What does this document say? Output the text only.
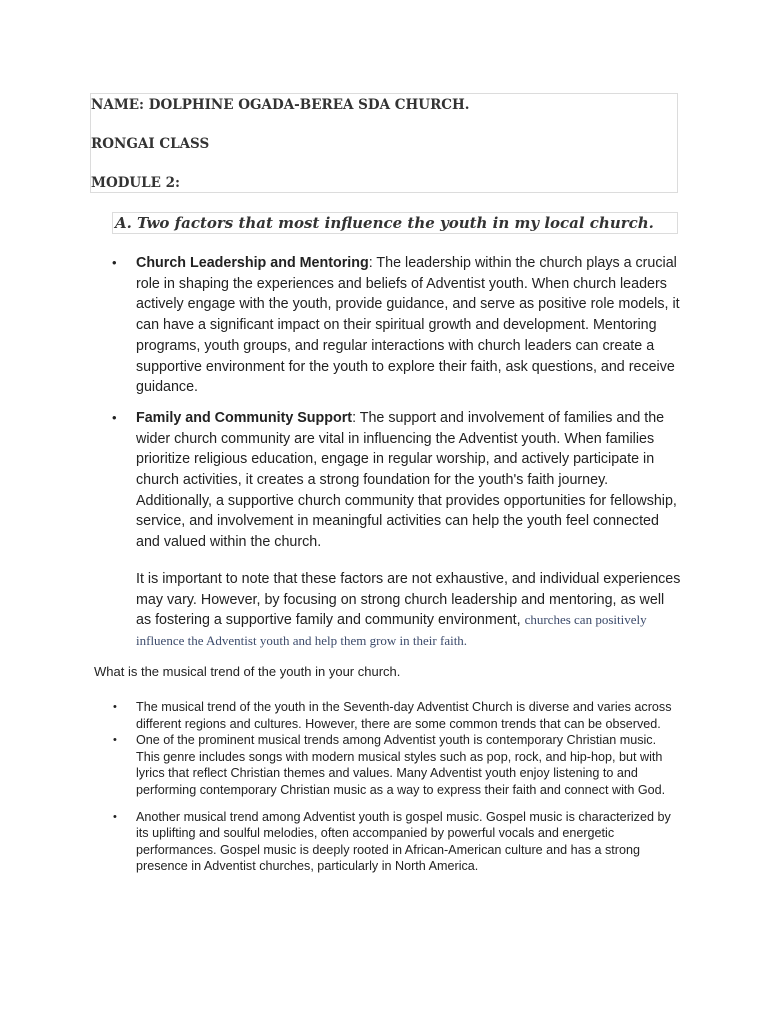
NAME: DOLPHINE OGADA-BEREA SDA CHURCH.
RONGAI CLASS
MODULE 2:
A. Two factors that most influence the youth in my local church.
• Church Leadership and Mentoring: The leadership within the church plays a crucial role in shaping the experiences and beliefs of Adventist youth. When church leaders actively engage with the youth, provide guidance, and serve as positive role models, it can have a significant impact on their spiritual growth and development. Mentoring programs, youth groups, and regular interactions with church leaders can create a supportive environment for the youth to explore their faith, ask questions, and receive guidance.
• Family and Community Support: The support and involvement of families and the wider church community are vital in influencing the Adventist youth. When families prioritize religious education, engage in regular worship, and actively participate in church activities, it creates a strong foundation for the youth's faith journey. Additionally, a supportive church community that provides opportunities for fellowship, service, and involvement in meaningful activities can help the youth feel connected and valued within the church.

It is important to note that these factors are not exhaustive, and individual experiences may vary. However, by focusing on strong church leadership and mentoring, as well as fostering a supportive family and community environment, churches can positively influence the Adventist youth and help them grow in their faith.

What is the musical trend of the youth in your church.

• The musical trend of the youth in the Seventh-day Adventist Church is diverse and varies across different regions and cultures. However, there are some common trends that can be observed.
• One of the prominent musical trends among Adventist youth is contemporary Christian music. This genre includes songs with modern musical styles such as pop, rock, and hip-hop, but with lyrics that reflect Christian themes and values. Many Adventist youth enjoy listening to and performing contemporary Christian music as a way to express their faith and connect with God.
• Another musical trend among Adventist youth is gospel music. Gospel music is characterized by its uplifting and soulful melodies, often accompanied by powerful vocals and energetic performances. Gospel music is deeply rooted in African-American culture and has a strong presence in Adventist churches, particularly in North America.
